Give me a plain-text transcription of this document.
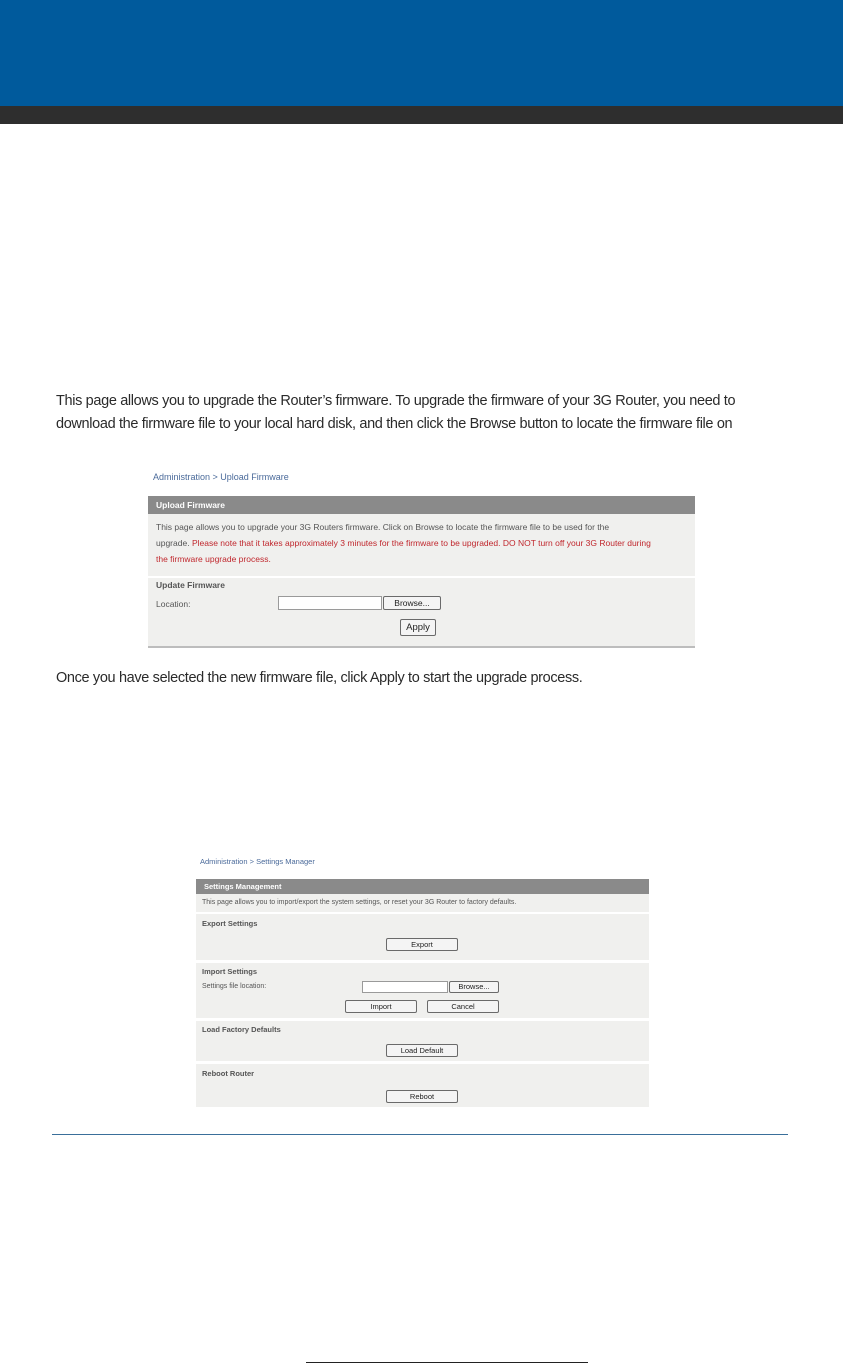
This page allows you to upgrade the Router’s firmware. To upgrade the firmware of your 3G Router, you need to
download the firmware file to your local hard disk, and then click the Browse button to locate the firmware file on
Administration > Upload Firmware
Upload Firmware
This page allows you to upgrade your 3G Routers firmware. Click on Browse to locate the firmware file to be used for the
upgrade. Please note that it takes approximately 3 minutes for the firmware to be upgraded. DO NOT turn off your 3G Router during
the firmware upgrade process.
Update Firmware
Location:	Browse...
Apply
Once you have selected the new firmware file, click Apply to start the upgrade process.
Administration > Settings Manager
Settings Management
This page allows you to import/export the system settings, or reset your 3G Router to factory defaults.
Export Settings
Export
Import Settings
Settings file location:	Browse...
Import	Cancel
Load Factory Defaults
Load Default
Reboot Router
Reboot
